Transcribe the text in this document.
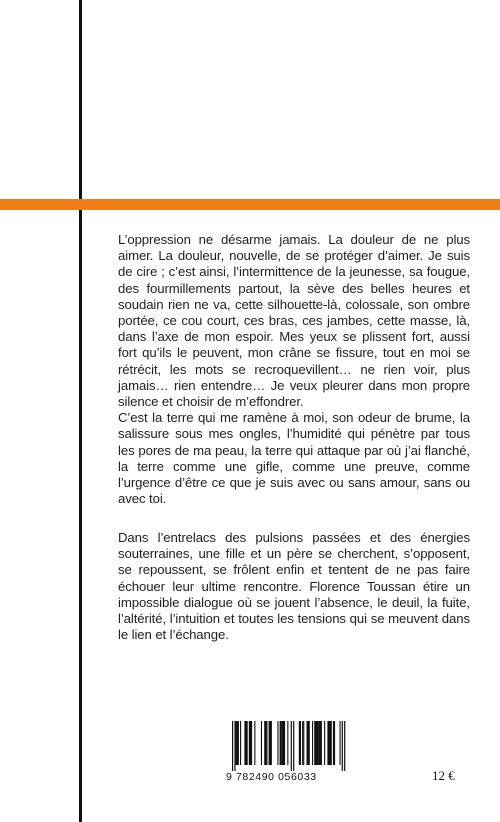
L’oppression ne désarme jamais. La douleur de ne plus aimer. La douleur, nouvelle, de se protéger d’aimer. Je suis de cire ; c’est ainsi, l’intermittence de la jeunesse, sa fougue, des fourmillements partout, la sève des belles heures et soudain rien ne va, cette silhouette-là, colossale, son ombre portée, ce cou court, ces bras, ces jambes, cette masse, là, dans l’axe de mon espoir. Mes yeux se plissent fort, aussi fort qu’ils le peuvent, mon crâne se fissure, tout en moi se rétrécit, les mots se recroquevillent… ne rien voir, plus jamais… rien entendre… Je veux pleurer dans mon propre silence et choisir de m’effondrer.

C’est la terre qui me ramène à moi, son odeur de brume, la salissure sous mes ongles, l’humidité qui pénètre par tous les pores de ma peau, la terre qui attaque par où j’ai flanché, la terre comme une gifle, comme une preuve, comme l’urgence d’être ce que je suis avec ou sans amour, sans ou avec toi.

Dans l’entrelacs des pulsions passées et des énergies souterraines, une fille et un père se cherchent, s’opposent, se repoussent, se frôlent enfin et tentent de ne pas faire échouer leur ultime rencontre. Florence Toussan étire un impossible dialogue où se jouent l’absence, le deuil, la fuite, l’altérité, l’intuition et toutes les tensions qui se meuvent dans le lien et l’échange.

9 782490 056033	12 €
